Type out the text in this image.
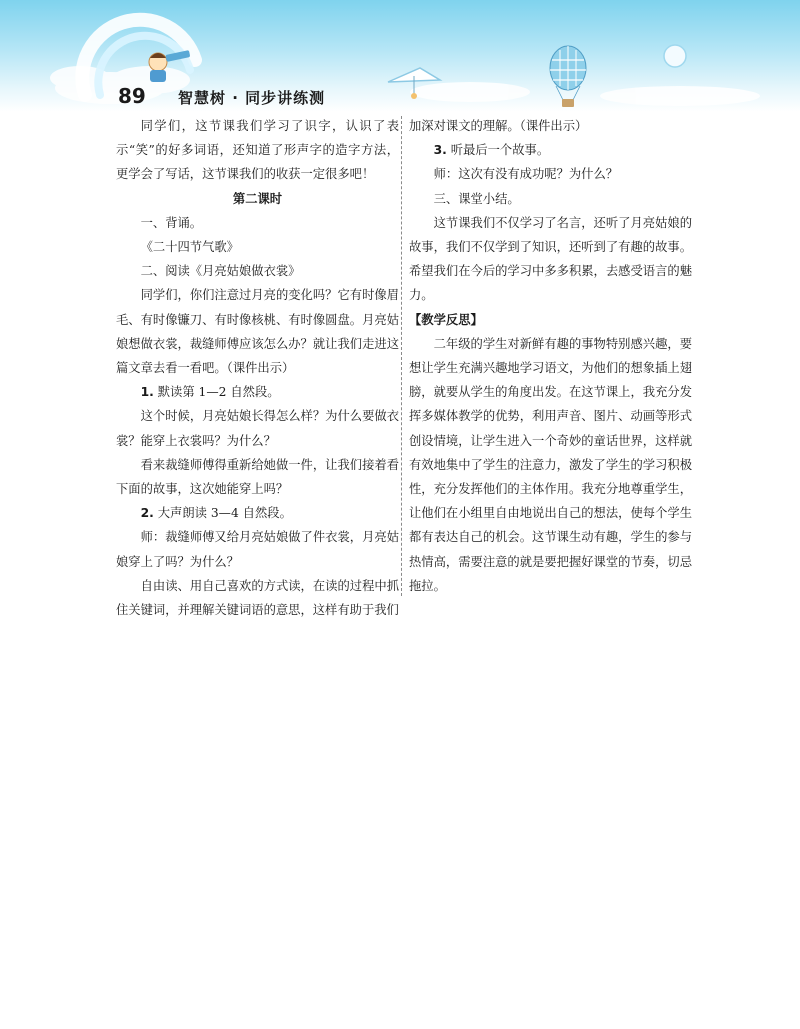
89 智慧树 · 同步讲练测

同学们，这节课我们学习了识字，认识了表示“笑”的好多词语，还知道了形声字的造字方法，更学会了写话，这节课我们的收获一定很多吧！

第二课时

一、背诵。

《二十四节气歌》

二、阅读《月亮姑娘做衣裳》

同学们，你们注意过月亮的变化吗？它有时像眉毛、有时像镰刀、有时像核桃、有时像圆盘。月亮姑娘想做衣裳，裁缝师傅应该怎么办？就让我们走进这篇文章去看一看吧。（课件出示）

1. 默读第 1—2 自然段。

这个时候，月亮姑娘长得怎么样？为什么要做衣裳？能穿上衣裳吗？为什么？

看来裁缝师傅得重新给她做一件，让我们接着看下面的故事，这次她能穿上吗？

2. 大声朗读 3—4 自然段。

师：裁缝师傅又给月亮姑娘做了件衣裳，月亮姑娘穿上了吗？为什么？

自由读、用自己喜欢的方式读，在读的过程中抓住关键词，并理解关键词语的意思，这样有助于我们

加深对课文的理解。（课件出示）

3. 听最后一个故事。

师：这次有没有成功呢？为什么？

三、课堂小结。

这节课我们不仅学习了名言，还听了月亮姑娘的故事，我们不仅学到了知识，还听到了有趣的故事。希望我们在今后的学习中多多积累，去感受语言的魅力。

【教学反思】

二年级的学生对新鲜有趣的事物特别感兴趣，要想让学生充满兴趣地学习语文，为他们的想象插上翅膀，就要从学生的角度出发。在这节课上，我充分发挥多媒体教学的优势，利用声音、图片、动画等形式创设情境，让学生进入一个奇妙的童话世界，这样就有效地集中了学生的注意力，激发了学生的学习积极性，充分发挥他们的主体作用。我充分地尊重学生，让他们在小组里自由地说出自己的想法，使每个学生都有表达自己的机会。这节课生动有趣，学生的参与热情高，需要注意的就是要把握好课堂的节奏，切忌拖拉。
